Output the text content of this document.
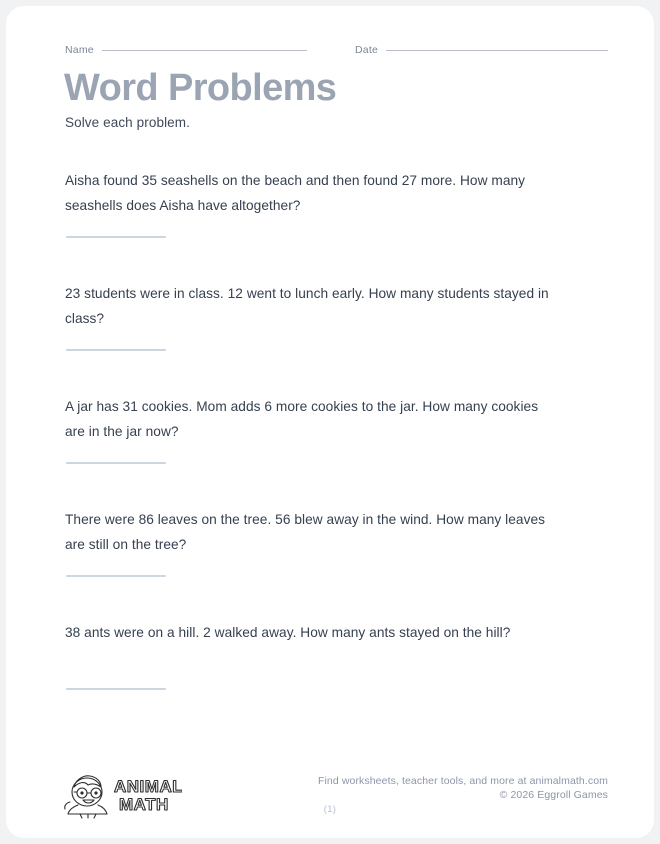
Name	Date
Word Problems
Solve each problem.
Aisha found 35 seashells on the beach and then found 27 more. How many seashells does Aisha have altogether?
23 students were in class. 12 went to lunch early. How many students stayed in class?
A jar has 31 cookies. Mom adds 6 more cookies to the jar. How many cookies are in the jar now?
There were 86 leaves on the tree. 56 blew away in the wind. How many leaves are still on the tree?
38 ants were on a hill. 2 walked away. How many ants stayed on the hill?
ANIMAL
MATH
Find worksheets, teacher tools, and more at animalmath.com
© 2026 Eggroll Games
(1)
